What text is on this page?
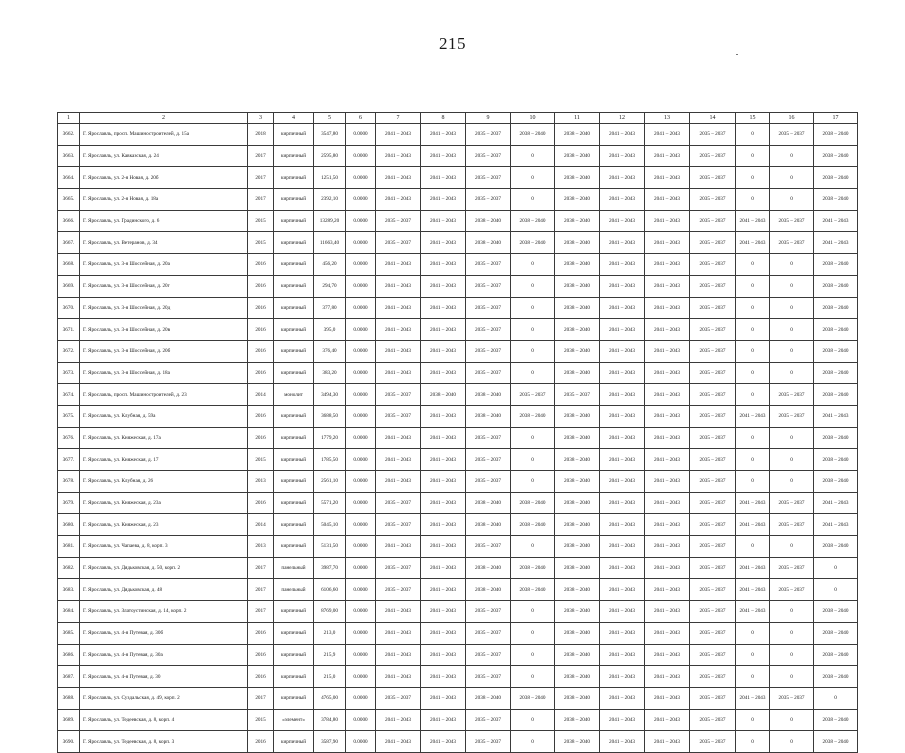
215
1	2	3	4	5	6	7	8	9	10	11	12	13	14	15	16	17
3662.	Г. Ярославль, просп. Машиностроителей, д. 15а	2018	кирпичный	3547,80	0.0000	2041 – 2043	2041 – 2043	2035 – 2037	2038 – 2040	2038 – 2040	2041 – 2043	2041 – 2043	2035 – 2037	0	2035 – 2037	2038 – 2040
3663.	Г. Ярославль, ул. Кавказская, д. 24	2017	кирпичный	2595,80	0.0000	2041 – 2043	2041 – 2043	2035 – 2037	0	2038 – 2040	2041 – 2043	2041 – 2043	2035 – 2037	0	0	2038 – 2040
3664.	Г. Ярославль, ул. 2-я Новая, д. 20б	2017	кирпичный	1251,50	0.0000	2041 – 2043	2041 – 2043	2035 – 2037	0	2038 – 2040	2041 – 2043	2041 – 2043	2035 – 2037	0	0	2038 – 2040
3665.	Г. Ярославль, ул. 2-я Новая, д. 18а	2017	кирпичный	2392,10	0.0000	2041 – 2043	2041 – 2043	2035 – 2037	0	2038 – 2040	2041 – 2043	2041 – 2043	2035 – 2037	0	0	2038 – 2040
3666.	Г. Ярославль, ул. Градинского, д. 6	2015	кирпичный	13289,20	0.0000	2035 – 2037	2041 – 2043	2038 – 2040	2038 – 2040	2038 – 2040	2041 – 2043	2041 – 2043	2035 – 2037	2041 – 2043	2035 – 2037	2041 – 2043
3667.	Г. Ярославль, ул. Ветеранов, д. 34	2015	кирпичный	11663,40	0.0000	2035 – 2037	2041 – 2043	2038 – 2040	2038 – 2040	2038 – 2040	2041 – 2043	2041 – 2043	2035 – 2037	2041 – 2043	2035 – 2037	2041 – 2043
3668.	Г. Ярославль, ул. 3-я Шоссейная, д. 20а	2016	кирпичный	456,20	0.0000	2041 – 2043	2041 – 2043	2035 – 2037	0	2038 – 2040	2041 – 2043	2041 – 2043	2035 – 2037	0	0	2038 – 2040
3669.	Г. Ярославль, ул. 3-я Шоссейная, д. 20г	2016	кирпичный	294,70	0.0000	2041 – 2043	2041 – 2043	2035 – 2037	0	2038 – 2040	2041 – 2043	2041 – 2043	2035 – 2037	0	0	2038 – 2040
3670.	Г. Ярославль, ул. 3-я Шоссейная, д. 20д	2016	кирпичный	377,80	0.0000	2041 – 2043	2041 – 2043	2035 – 2037	0	2038 – 2040	2041 – 2043	2041 – 2043	2035 – 2037	0	0	2038 – 2040
3671.	Г. Ярославль, ул. 3-я Шоссейная, д. 20в	2016	кирпичный	395,0	0.0000	2041 – 2043	2041 – 2043	2035 – 2037	0	2038 – 2040	2041 – 2043	2041 – 2043	2035 – 2037	0	0	2038 – 2040
3672.	Г. Ярославль, ул. 3-я Шоссейная, д. 20б	2016	кирпичный	376,40	0.0000	2041 – 2043	2041 – 2043	2035 – 2037	0	2038 – 2040	2041 – 2043	2041 – 2043	2035 – 2037	0	0	2038 – 2040
3673.	Г. Ярославль, ул. 3-я Шоссейная, д. 18а	2016	кирпичный	383,20	0.0000	2041 – 2043	2041 – 2043	2035 – 2037	0	2038 – 2040	2041 – 2043	2041 – 2043	2035 – 2037	0	0	2038 – 2040
3674.	Г. Ярославль, просп. Машиностроителей, д. 23	2014	монолит	3494,30	0.0000	2035 – 2037	2038 – 2040	2038 – 2040	2035 – 2037	2035 – 2037	2041 – 2043	2041 – 2043	2035 – 2037	0	2035 – 2037	2038 – 2040
3675.	Г. Ярославль, ул. Клубная, д. 59а	2016	кирпичный	3688,50	0.0000	2035 – 2037	2041 – 2043	2038 – 2040	2038 – 2040	2038 – 2040	2041 – 2043	2041 – 2043	2035 – 2037	2041 – 2043	2035 – 2037	2041 – 2043
3676.	Г. Ярославль, ул. Княжеская, д. 17а	2016	кирпичный	1779,20	0.0000	2041 – 2043	2041 – 2043	2035 – 2037	0	2038 – 2040	2041 – 2043	2041 – 2043	2035 – 2037	0	0	2038 – 2040
3677.	Г. Ярославль, ул. Княжеская, д. 17	2015	кирпичный	1785,50	0.0000	2041 – 2043	2041 – 2043	2035 – 2037	0	2038 – 2040	2041 – 2043	2041 – 2043	2035 – 2037	0	0	2038 – 2040
3678.	Г. Ярославль, ул. Клубная, д. 26	2013	кирпичный	2561,10	0.0000	2041 – 2043	2041 – 2043	2035 – 2037	0	2038 – 2040	2041 – 2043	2041 – 2043	2035 – 2037	0	0	2038 – 2040
3679.	Г. Ярославль, ул. Княжеская, д. 23а	2016	кирпичный	5571,20	0.0000	2035 – 2037	2041 – 2043	2038 – 2040	2038 – 2040	2038 – 2040	2041 – 2043	2041 – 2043	2035 – 2037	2041 – 2043	2035 – 2037	2041 – 2043
3680.	Г. Ярославль, ул. Княжеская, д. 23	2014	кирпичный	5045,10	0.0000	2035 – 2037	2041 – 2043	2038 – 2040	2038 – 2040	2038 – 2040	2041 – 2043	2041 – 2043	2035 – 2037	2041 – 2043	2035 – 2037	2041 – 2043
3681.	Г. Ярославль, ул. Чапаева, д. 8, корп. 3	2013	кирпичный	5131,50	0.0000	2041 – 2043	2041 – 2043	2035 – 2037	0	2038 – 2040	2041 – 2043	2041 – 2043	2035 – 2037	0	0	2038 – 2040
3682.	Г. Ярославль, ул. Дядьковская, д. 50, корп. 2	2017	панельный	3987,70	0.0000	2035 – 2037	2041 – 2043	2038 – 2040	2038 – 2040	2038 – 2040	2041 – 2043	2041 – 2043	2035 – 2037	2041 – 2043	2035 – 2037	0
3683.	Г. Ярославль, ул. Дядьковская, д. 48	2017	панельный	6106,60	0.0000	2035 – 2037	2041 – 2043	2038 – 2040	2038 – 2040	2038 – 2040	2041 – 2043	2041 – 2043	2035 – 2037	2041 – 2043	2035 – 2037	0
3684.	Г. Ярославль, ул. Златоустинская, д. 14, корп. 2	2017	кирпичный	8769,00	0.0000	2041 – 2043	2041 – 2043	2035 – 2037	0	2038 – 2040	2041 – 2043	2041 – 2043	2035 – 2037	2041 – 2043	0	2038 – 2040
3685.	Г. Ярославль, ул. 4-я Путевая, д. 30б	2016	кирпичный	213,0	0.0000	2041 – 2043	2041 – 2043	2035 – 2037	0	2038 – 2040	2041 – 2043	2041 – 2043	2035 – 2037	0	0	2038 – 2040
3686.	Г. Ярославль, ул. 4-я Путевая, д. 30а	2016	кирпичный	215,9	0.0000	2041 – 2043	2041 – 2043	2035 – 2037	0	2038 – 2040	2041 – 2043	2041 – 2043	2035 – 2037	0	0	2038 – 2040
3687.	Г. Ярославль, ул. 4-я Путевая, д. 30	2016	кирпичный	215,0	0.0000	2041 – 2043	2041 – 2043	2035 – 2037	0	2038 – 2040	2041 – 2043	2041 – 2043	2035 – 2037	0	0	2038 – 2040
3688.	Г. Ярославль, ул. Суздальская, д. 49, корп. 2	2017	кирпичный	4765,00	0.0000	2035 – 2037	2041 – 2043	2038 – 2040	2038 – 2040	2038 – 2040	2041 – 2043	2041 – 2043	2035 – 2037	2041 – 2043	2035 – 2037	0
3689.	Г. Ярославль, ул. Тедеевская, д. 8, корп. 4	2015	«элемент»	3784,80	0.0000	2041 – 2043	2041 – 2043	2035 – 2037	0	2038 – 2040	2041 – 2043	2041 – 2043	2035 – 2037	0	0	2038 – 2040
3690.	Г. Ярославль, ул. Тедеевская, д. 8, корп. 3	2016	кирпичный	3587,90	0.0000	2041 – 2043	2041 – 2043	2035 – 2037	0	2038 – 2040	2041 – 2043	2041 – 2043	2035 – 2037	0	0	2038 – 2040
